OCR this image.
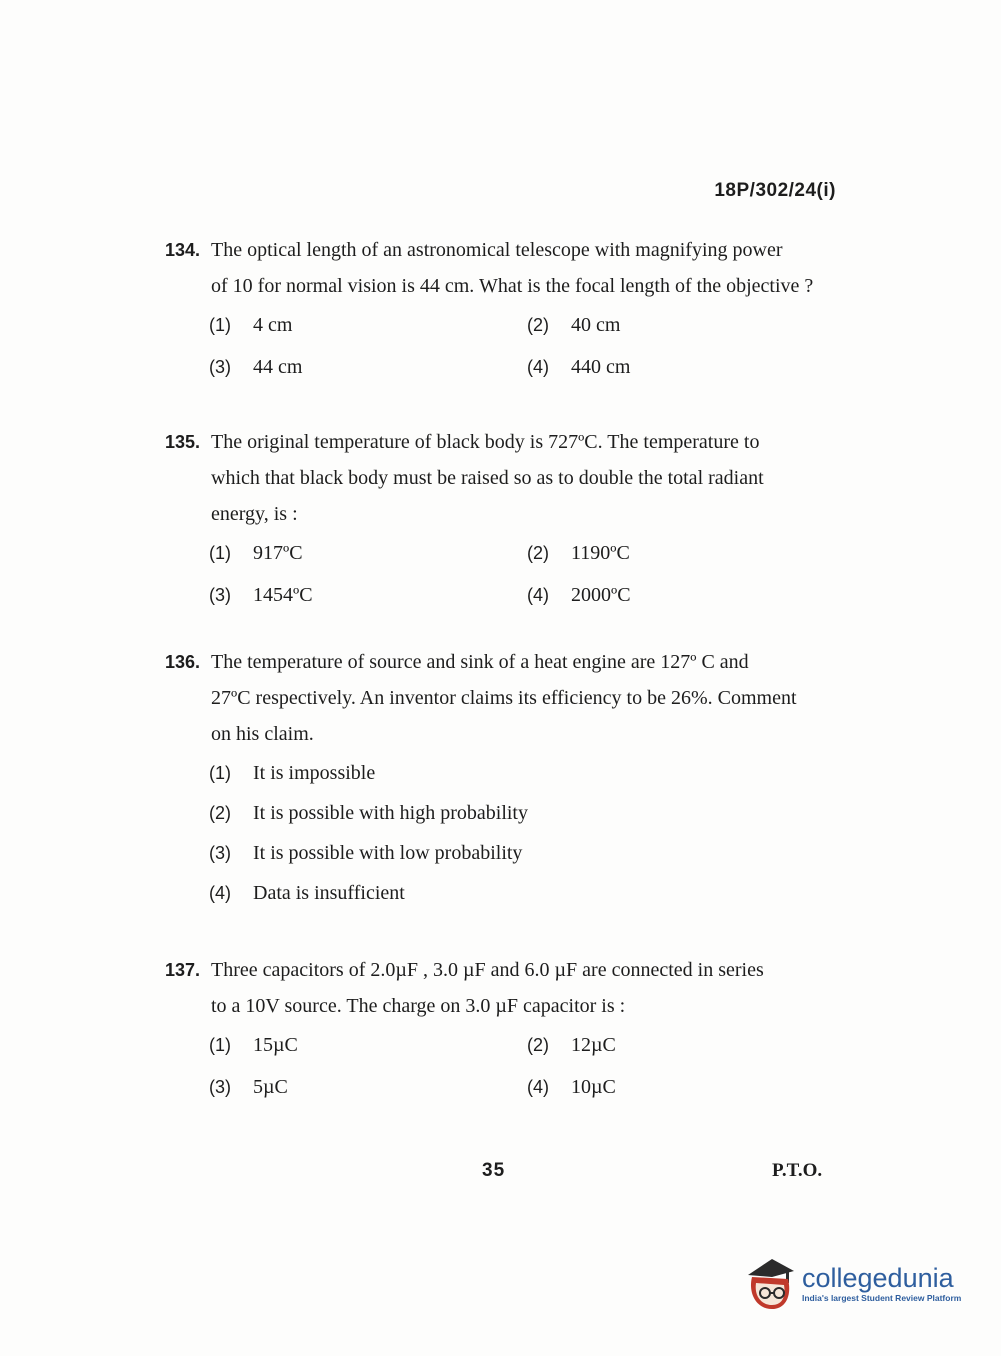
18P/302/24(i)
134. The optical length of an astronomical telescope with magnifying power

of 10 for normal vision is 44 cm. What is the focal length of the objective ?

(1)	4 cm	(2)	40 cm
(3)	44 cm	(4)	440 cm
135. The original temperature of black body is 727ºC. The temperature to

which that black body must be raised so as to double the total radiant

energy, is :

(1)	917ºC	(2)	1190ºC
(3)	1454ºC	(4)	2000ºC
136. The temperature of source and sink of a heat engine are 127º C and

27ºC respectively. An inventor claims its efficiency to be 26%. Comment

on his claim.

(1)	It is impossible
(2)	It is possible with high probability
(3)	It is possible with low probability
(4)	Data is insufficient
137. Three capacitors of 2.0µF , 3.0 µF and 6.0 µF are connected in series

to a 10V source. The charge on 3.0 µF capacitor is :

(1)	15µC	(2)	12µC
(3)	5µC	(4)	10µC
35	P.T.O.
collegedunia
India's largest Student Review Platform
